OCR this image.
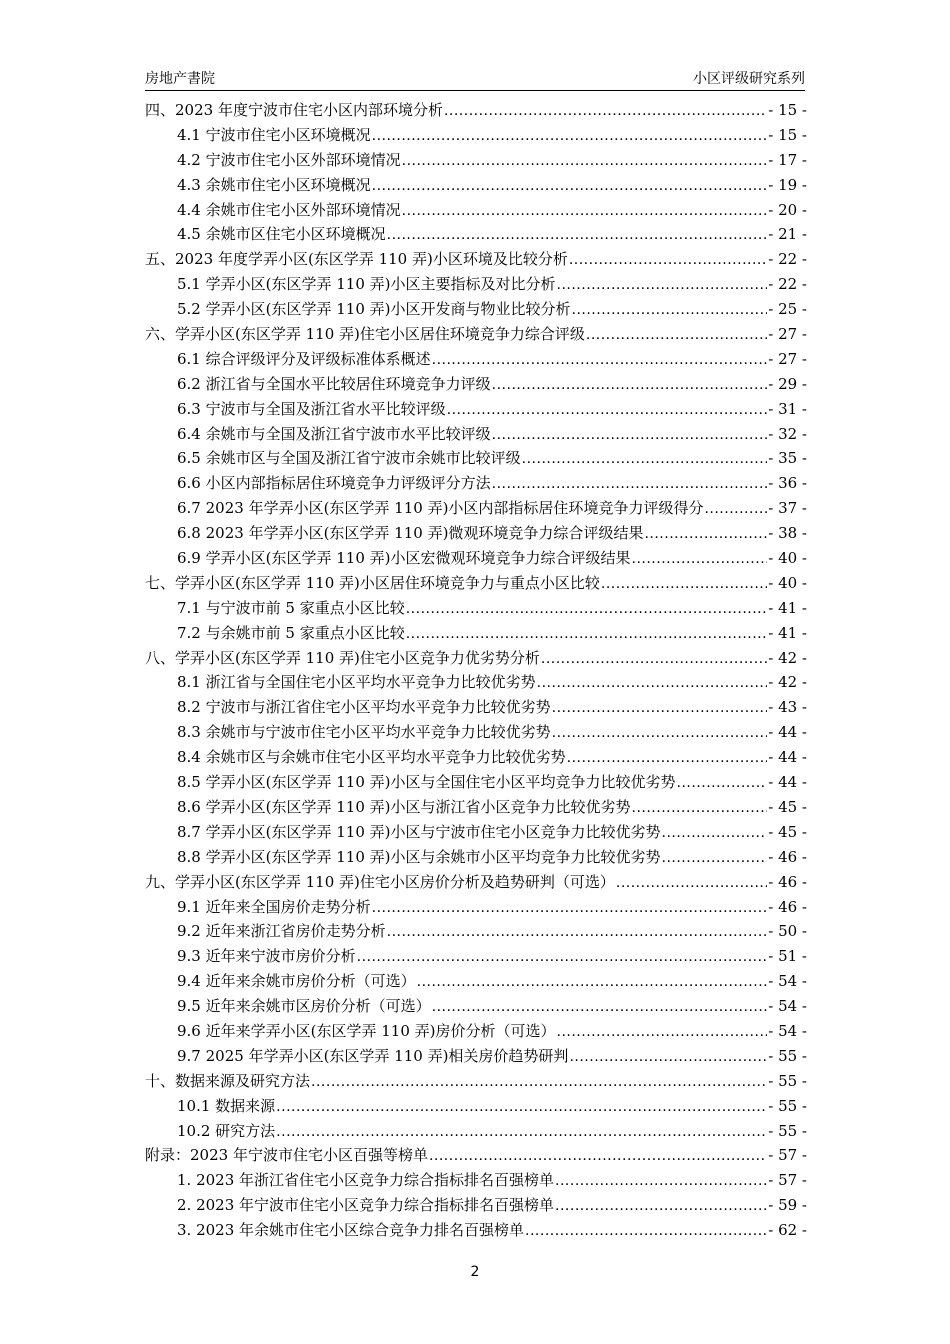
房地产書院	小区评级研究系列
四、2023 年度宁波市住宅小区内部环境分析 .....	- 15 -
4.1 宁波市住宅小区环境概况 .....	- 15 -
4.2 宁波市住宅小区外部环境情况 .....	- 17 -
4.3 余姚市住宅小区环境概况 .....	- 19 -
4.4 余姚市住宅小区外部环境情况 .....	- 20 -
4.5 余姚市区住宅小区环境概况 .....	- 21 -
五、2023 年度学弄小区(东区学弄 110 弄)小区环境及比较分析 .....	- 22 -
5.1 学弄小区(东区学弄 110 弄)小区主要指标及对比分析 .....	- 22 -
5.2 学弄小区(东区学弄 110 弄)小区开发商与物业比较分析 .....	- 25 -
六、学弄小区(东区学弄 110 弄)住宅小区居住环境竞争力综合评级 .....	- 27 -
6.1 综合评级评分及评级标准体系概述 .....	- 27 -
6.2 浙江省与全国水平比较居住环境竞争力评级 .....	- 29 -
6.3 宁波市与全国及浙江省水平比较评级 .....	- 31 -
6.4 余姚市与全国及浙江省宁波市水平比较评级 .....	- 32 -
6.5 余姚市区与全国及浙江省宁波市余姚市比较评级 .....	- 35 -
6.6 小区内部指标居住环境竞争力评级评分方法 .....	- 36 -
6.7 2023 年学弄小区(东区学弄 110 弄)小区内部指标居住环境竞争力评级得分 .....	- 37 -
6.8 2023 年学弄小区(东区学弄 110 弄)微观环境竞争力综合评级结果 .....	- 38 -
6.9 学弄小区(东区学弄 110 弄)小区宏微观环境竞争力综合评级结果 .....	- 40 -
七、学弄小区(东区学弄 110 弄)小区居住环境竞争力与重点小区比较 .....	- 40 -
7.1 与宁波市前 5 家重点小区比较 .....	- 41 -
7.2 与余姚市前 5 家重点小区比较 .....	- 41 -
八、学弄小区(东区学弄 110 弄)住宅小区竞争力优劣势分析 .....	- 42 -
8.1 浙江省与全国住宅小区平均水平竞争力比较优劣势 .....	- 42 -
8.2 宁波市与浙江省住宅小区平均水平竞争力比较优劣势 .....	- 43 -
8.3 余姚市与宁波市住宅小区平均水平竞争力比较优劣势 .....	- 44 -
8.4 余姚市区与余姚市住宅小区平均水平竞争力比较优劣势 .....	- 44 -
8.5 学弄小区(东区学弄 110 弄)小区与全国住宅小区平均竞争力比较优劣势 .....	- 44 -
8.6 学弄小区(东区学弄 110 弄)小区与浙江省小区竞争力比较优劣势 .....	- 45 -
8.7 学弄小区(东区学弄 110 弄)小区与宁波市住宅小区竞争力比较优劣势 .....	- 45 -
8.8 学弄小区(东区学弄 110 弄)小区与余姚市小区平均竞争力比较优劣势 .....	- 46 -
九、学弄小区(东区学弄 110 弄)住宅小区房价分析及趋势研判（可选） .....	- 46 -
9.1 近年来全国房价走势分析 .....	- 46 -
9.2 近年来浙江省房价走势分析 .....	- 50 -
9.3 近年来宁波市房价分析 .....	- 51 -
9.4 近年来余姚市房价分析（可选） .....	- 54 -
9.5 近年来余姚市区房价分析（可选） .....	- 54 -
9.6 近年来学弄小区(东区学弄 110 弄)房价分析（可选） .....	- 54 -
9.7 2025 年学弄小区(东区学弄 110 弄)相关房价趋势研判 .....	- 55 -
十、数据来源及研究方法 .....	- 55 -
10.1 数据来源 .....	- 55 -
10.2 研究方法 .....	- 55 -
附录：2023 年宁波市住宅小区百强等榜单 .....	- 57 -
1. 2023 年浙江省住宅小区竞争力综合指标排名百强榜单 .....	- 57 -
2. 2023 年宁波市住宅小区竞争力综合指标排名百强榜单 .....	- 59 -
3. 2023 年余姚市住宅小区综合竞争力排名百强榜单 .....	- 62 -
2
